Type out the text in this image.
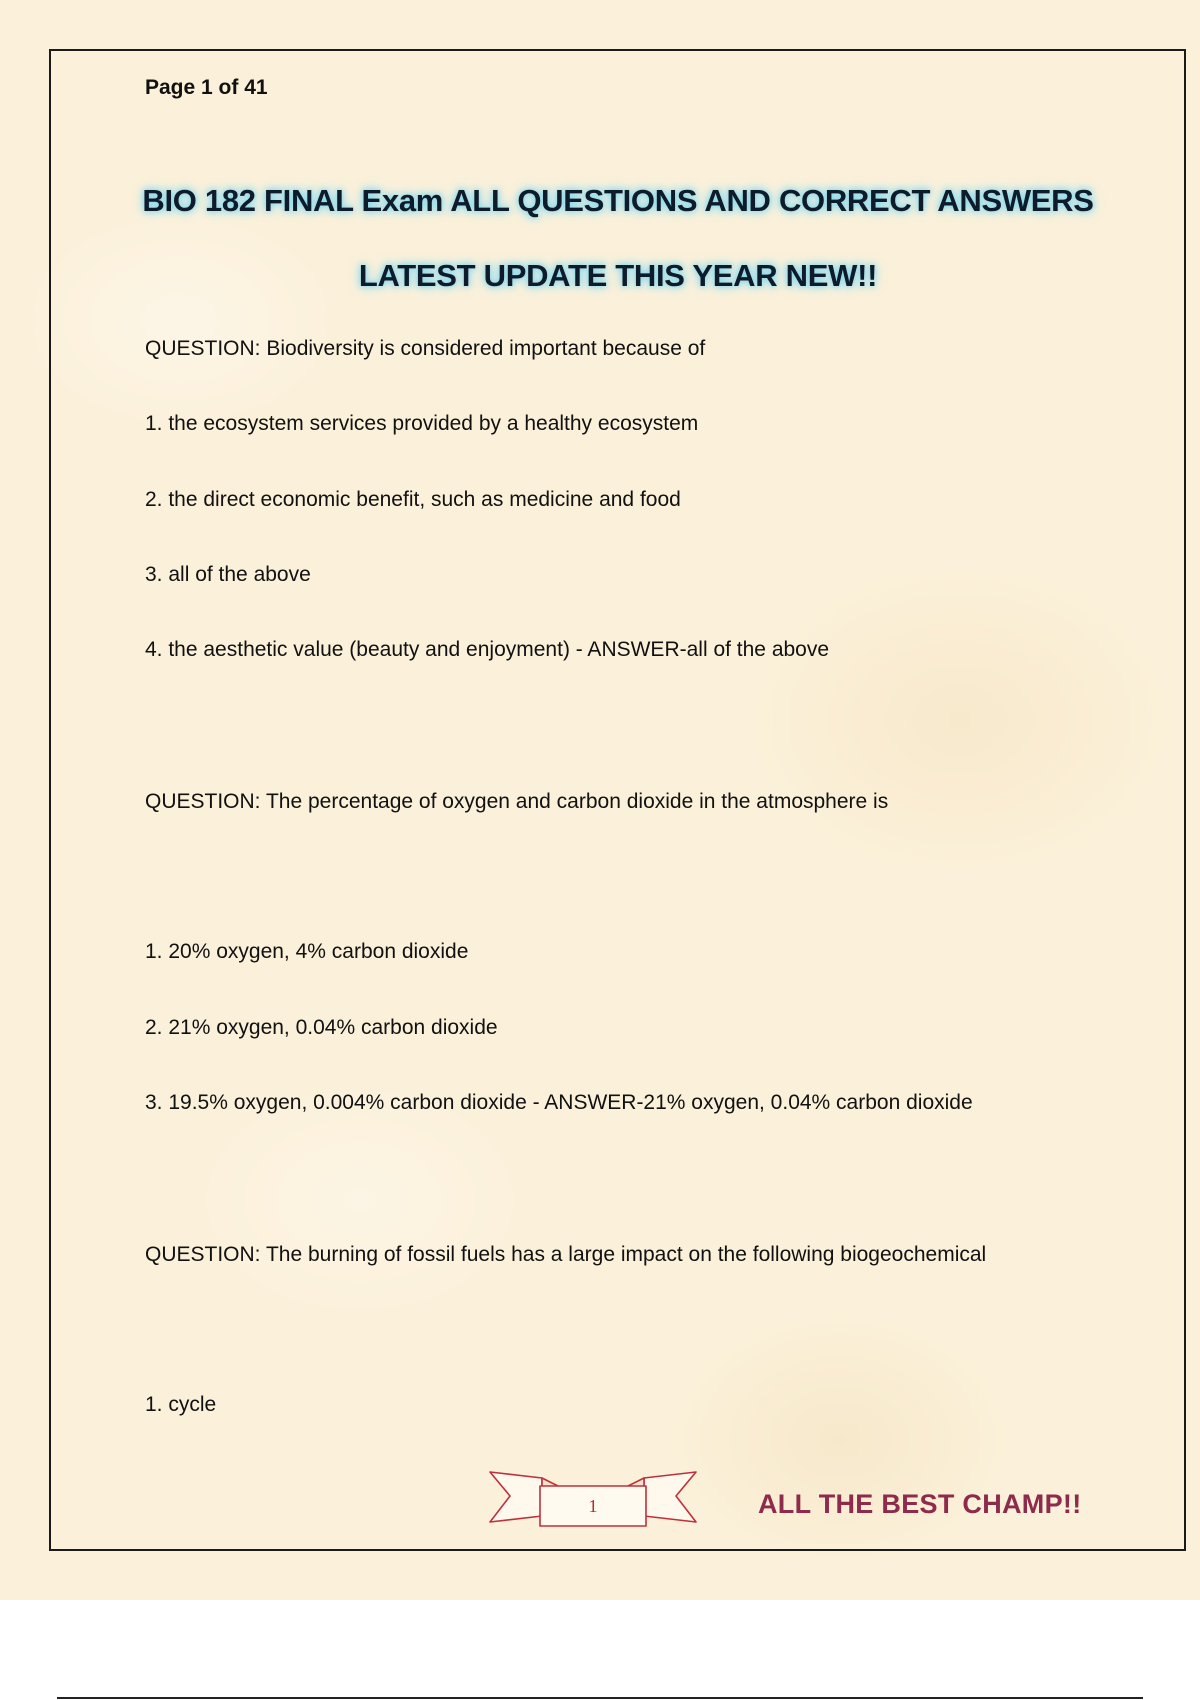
Page 1 of 41
BIO 182 FINAL Exam ALL QUESTIONS AND CORRECT ANSWERS
LATEST UPDATE THIS YEAR NEW!!
QUESTION: Biodiversity is considered important because of
1. the ecosystem services provided by a healthy ecosystem
2. the direct economic benefit, such as medicine and food
3. all of the above
4. the aesthetic value (beauty and enjoyment) - ANSWER-all of the above
QUESTION: The percentage of oxygen and carbon dioxide in the atmosphere is
1. 20% oxygen, 4% carbon dioxide
2. 21% oxygen, 0.04% carbon dioxide
3. 19.5% oxygen, 0.004% carbon dioxide - ANSWER-21% oxygen, 0.04% carbon dioxide
QUESTION: The burning of fossil fuels has a large impact on the following biogeochemical
1. cycle
1	ALL THE BEST CHAMP!!
